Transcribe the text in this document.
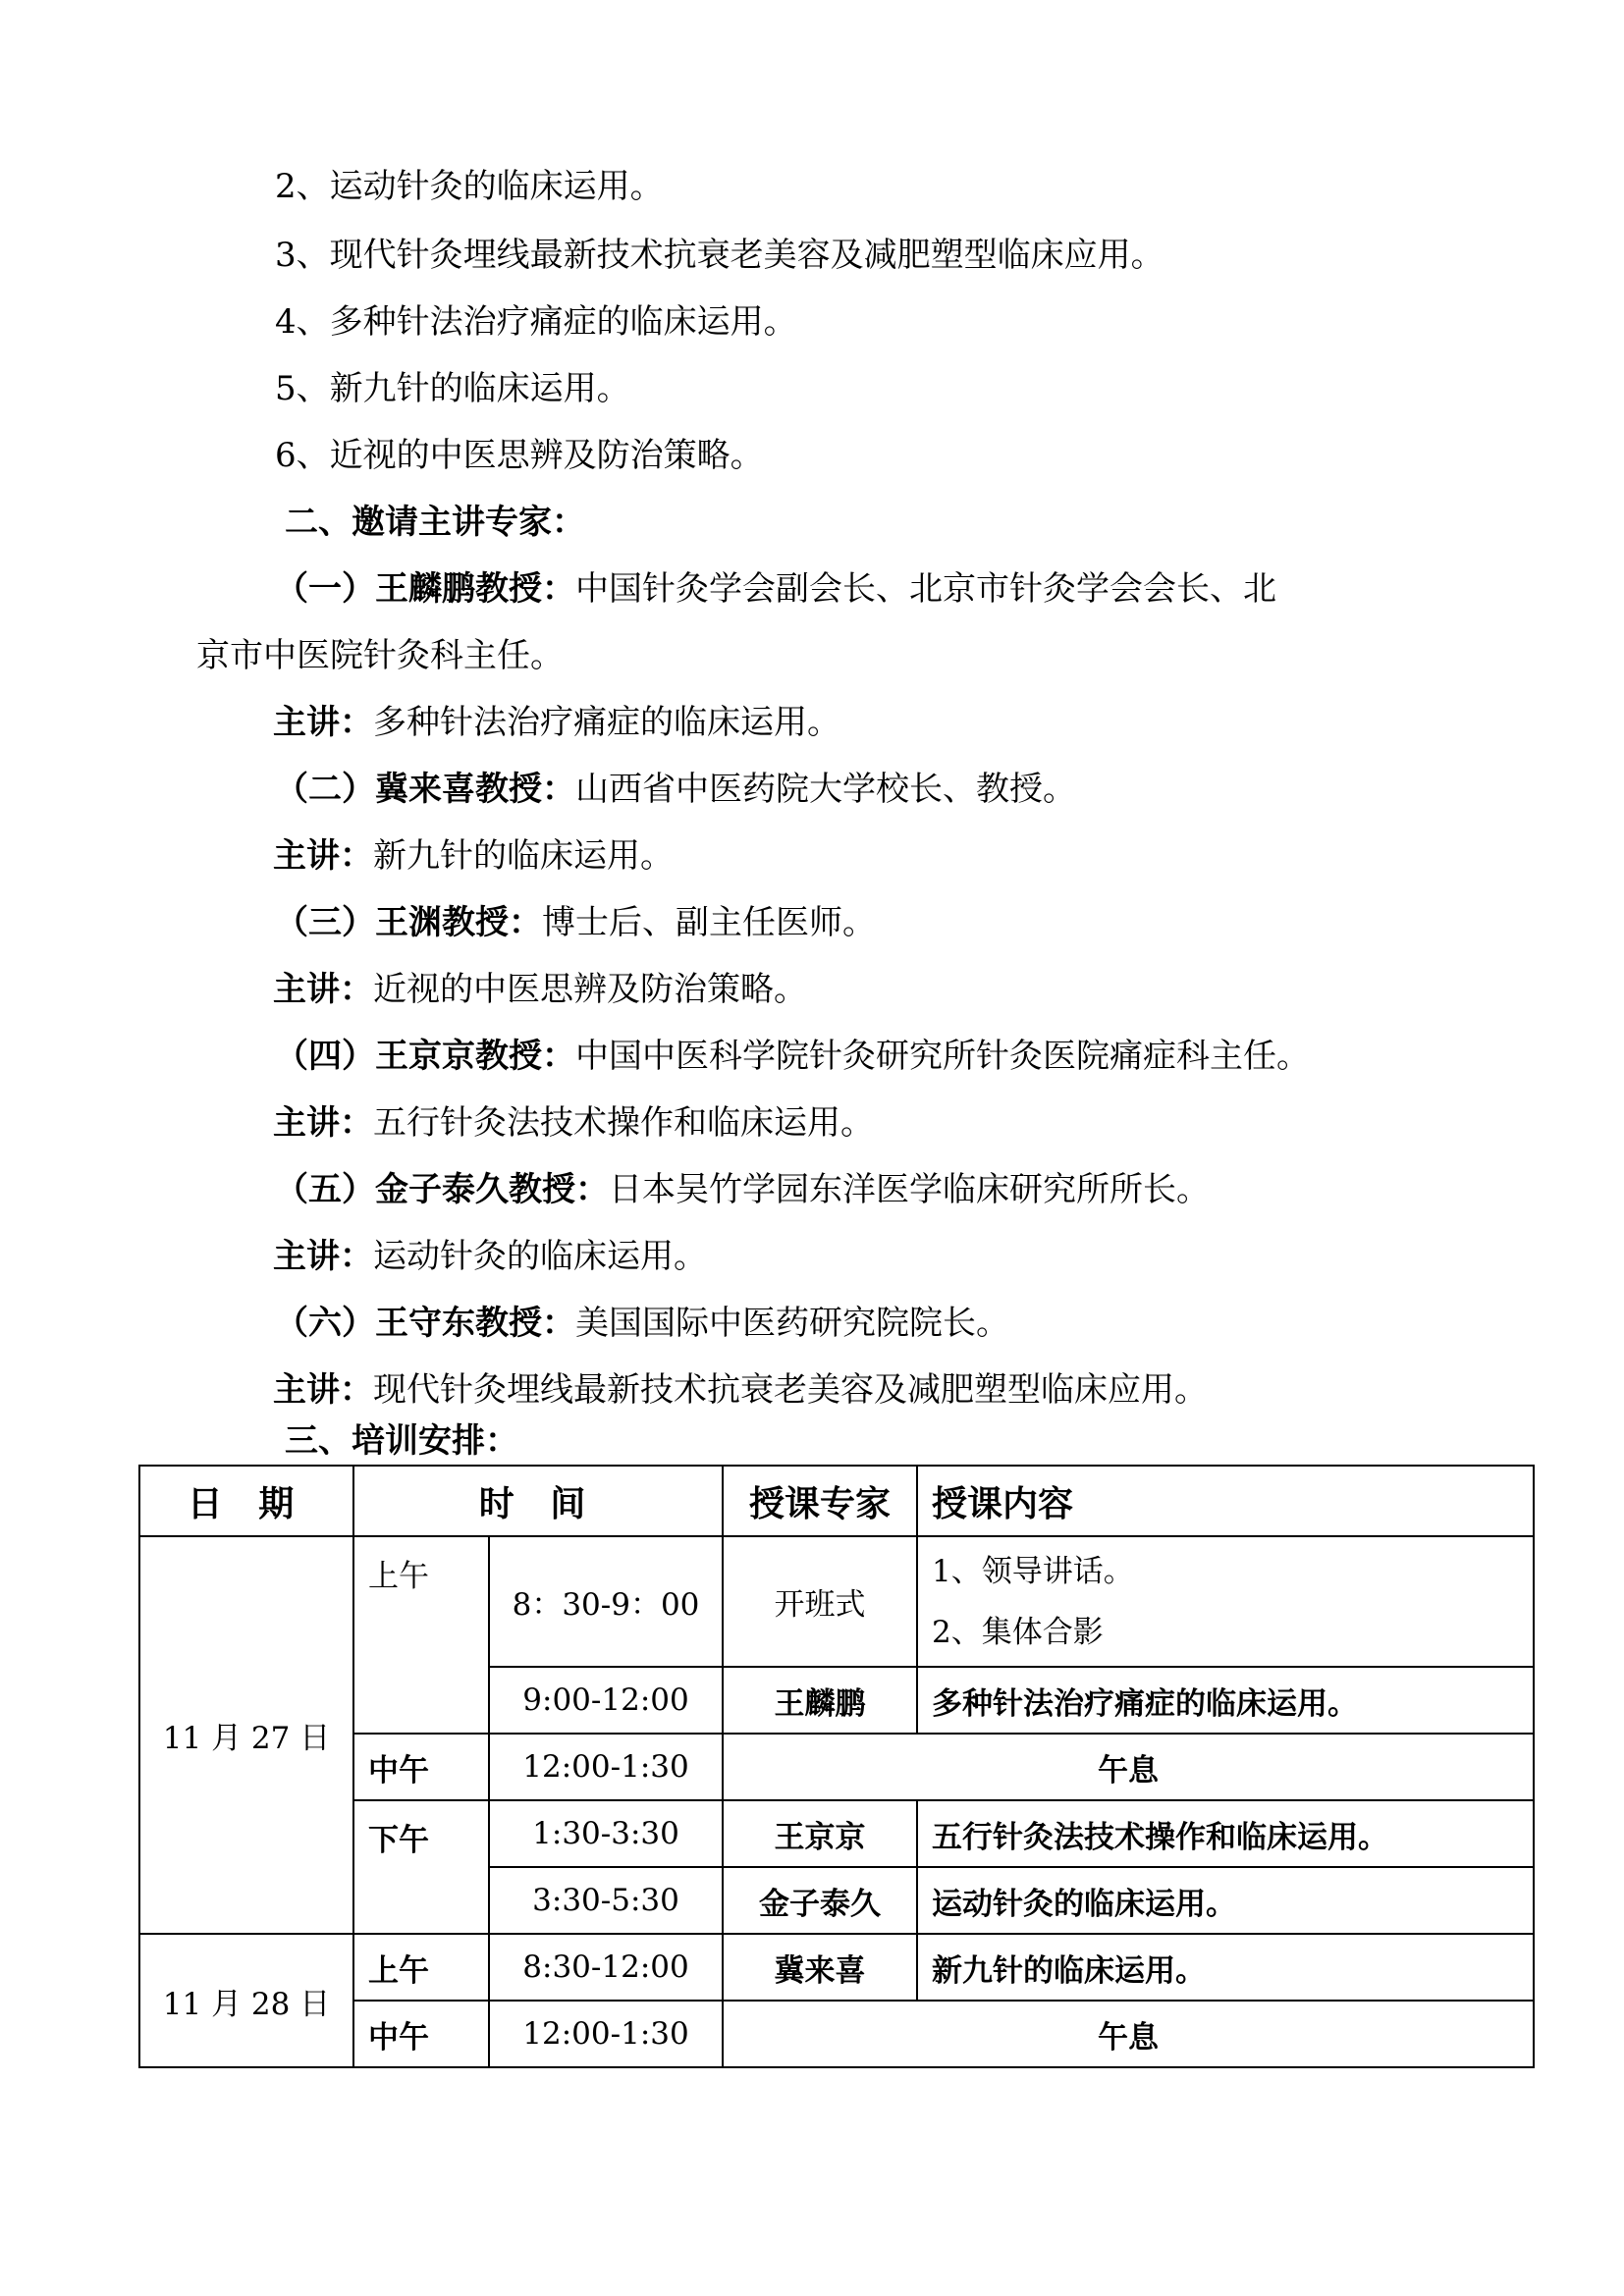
2、运动针灸的临床运用。
3、现代针灸埋线最新技术抗衰老美容及减肥塑型临床应用。
4、多种针法治疗痛症的临床运用。
5、新九针的临床运用。
6、近视的中医思辨及防治策略。
二、邀请主讲专家：
（一）王麟鹏教授：中国针灸学会副会长、北京市针灸学会会长、北
京市中医院针灸科主任。
主讲：多种针法治疗痛症的临床运用。
（二）冀来喜教授：山西省中医药院大学校长、教授。
主讲：新九针的临床运用。
（三）王渊教授：博士后、副主任医师。
主讲：近视的中医思辨及防治策略。
（四）王京京教授：中国中医科学院针灸研究所针灸医院痛症科主任。
主讲：五行针灸法技术操作和临床运用。
（五）金子泰久教授：日本吴竹学园东洋医学临床研究所所长。
主讲：运动针灸的临床运用。
（六）王守东教授：美国国际中医药研究院院长。
主讲：现代针灸埋线最新技术抗衰老美容及减肥塑型临床应用。
三、培训安排：
日 期	时 间		授课专家	授课内容
11 月 27 日	上午	8：30-9：00	开班式	1、领导讲话。
2、集体合影

		9:00-12:00	王麟鹏	多种针法治疗痛症的临床运用。
	中午	12:00-1:30	午息	
	下午	1:30-3:30	王京京	五行针灸法技术操作和临床运用。
		3:30-5:30	金子泰久	运动针灸的临床运用。
11 月 28 日	上午	8:30-12:00	冀来喜	新九针的临床运用。
	中午	12:00-1:30	午息	
